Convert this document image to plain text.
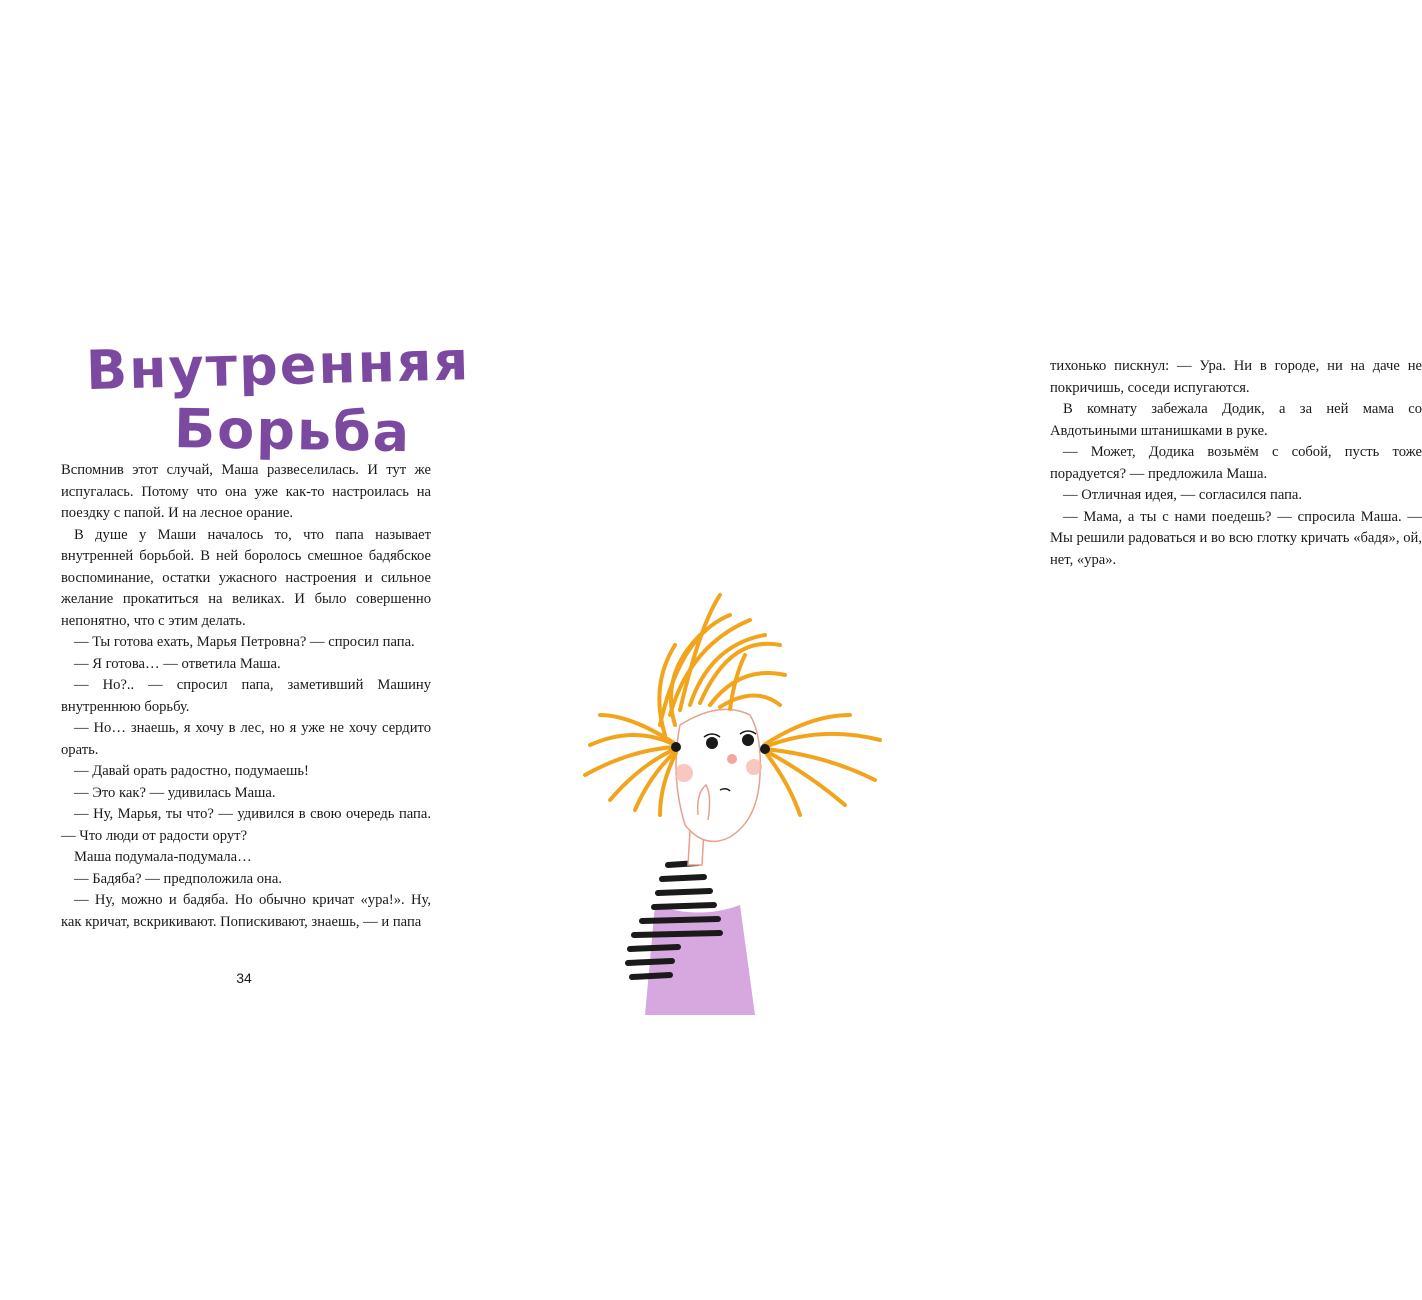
Внутренняя
Борьба

Вспомнив этот случай, Маша развеселилась. И тут же испугалась. Потому что она уже как-то настроилась на поездку с папой. И на лесное орание.

В душе у Маши началось то, что папа называет внутренней борьбой. В ней боролось смешное бадябское воспоминание, остатки ужасного настроения и сильное желание прокатиться на великах. И было совершенно непонятно, что с этим делать.

— Ты готова ехать, Марья Петровна? — спросил папа.

— Я готова… — ответила Маша.

— Но?.. — спросил папа, заметивший Машину внутреннюю борьбу.

— Но… знаешь, я хочу в лес, но я уже не хочу сердито орать.

— Давай орать радостно, подумаешь!

— Это как? — удивилась Маша.

— Ну, Марья, ты что? — удивился в свою очередь папа. — Что люди от радости орут?

Маша подумала-подумала…

— Бадяба? — предположила она.

— Ну, можно и бадяба. Но обычно кричат «ура!». Ну, как кричат, вскрикивают. Попискивают, знаешь, — и папа

34

тихонько пискнул: — Ура. Ни в городе, ни на даче не покричишь, соседи испугаются.

В комнату забежала Додик, а за ней мама со Авдотьиными штанишками в руке.

— Может, Додика возьмём с собой, пусть тоже порадуется? — предложила Маша.

— Отличная идея, — согласился папа.

— Мама, а ты с нами поедешь? — спросила Маша. — Мы решили радоваться и во всю глотку кричать «бадя», ой, нет, «ура».
